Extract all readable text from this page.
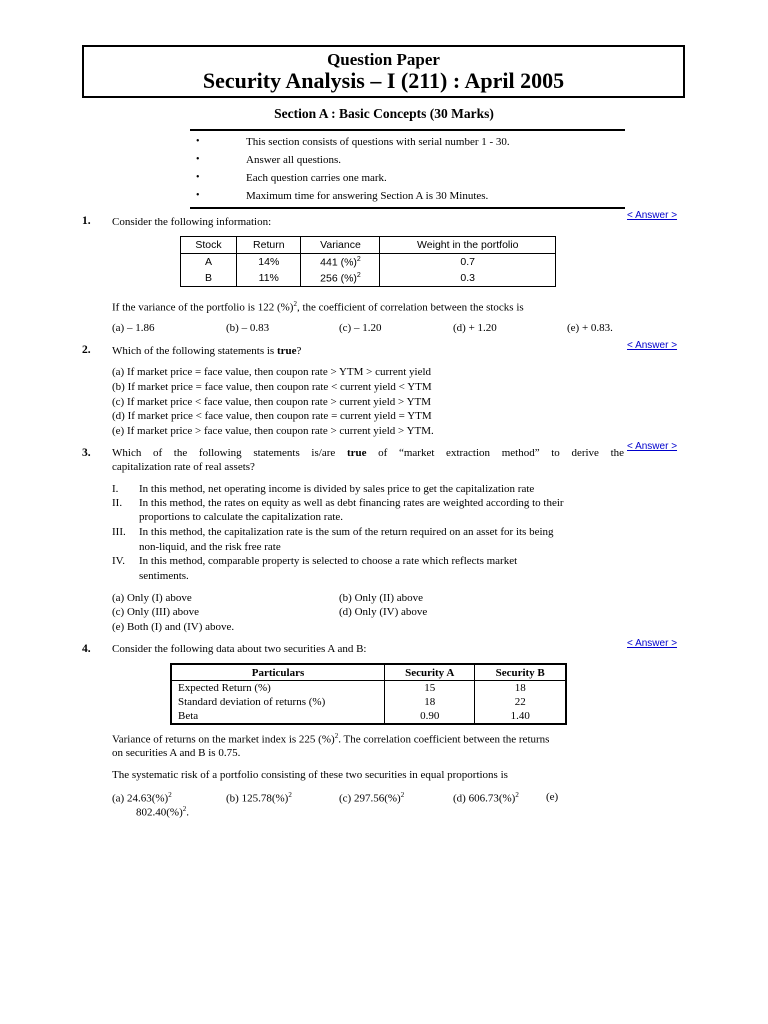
Question Paper
Security Analysis – I (211) : April 2005
Section A : Basic Concepts (30 Marks)
•	This section consists of questions with serial number 1 - 30.
•	Answer all questions.
•	Each question carries one mark.
•	Maximum time for answering Section A is 30 Minutes.
1. Consider the following information:
< Answer >
Stock	Return	Variance	Weight in the portfolio
A	14%	441 (%)$^2$	0.7
B	11%	256 (%)$^2$	0.3
If the variance of the portfolio is 122 (%)$^2$, the coefficient of correlation between the stocks is
(a) – 1.86	(b) – 0.83	(c) – 1.20	(d) + 1.20	(e) + 0.83.
2. Which of the following statements is true?	< Answer >
(a) If market price = face value, then coupon rate > YTM > current yield
(b) If market price = face value, then coupon rate < current yield < YTM
(c) If market price < face value, then coupon rate > current yield > YTM
(d) If market price < face value, then coupon rate = current yield = YTM
(e) If market price > face value, then coupon rate > current yield > YTM.
3. Which of the following statements is/are true of “market extraction method” to derive the
capitalization rate of real assets?
< Answer >
I. In this method, net operating income is divided by sales price to get the capitalization rate
II. In this method, the rates on equity as well as debt financing rates are weighted according to their
proportions to calculate the capitalization rate.
III. In this method, the capitalization rate is the sum of the return required on an asset for its being
non-liquid, and the risk free rate
IV. In this method, comparable property is selected to choose a rate which reflects market
sentiments.
(a) Only (I) above	(b) Only (II) above
(c) Only (III) above	(d) Only (IV) above
(e) Both (I) and (IV) above.
4. Consider the following data about two securities A and B:	< Answer >
Particulars	Security A	Security B
Expected Return (%)	15	18
Standard deviation of returns (%)	18	22
Beta	0.90	1.40
Variance of returns on the market index is 225 (%)$^2$. The correlation coefficient between the returns
on securities A and B is 0.75.
The systematic risk of a portfolio consisting of these two securities in equal proportions is
(a) 24.63(%)$^2$	(b) 125.78(%)$^2$	(c) 297.56(%)$^2$	(d) 606.73(%)$^2$ (e)
802.40(%)$^2$.
